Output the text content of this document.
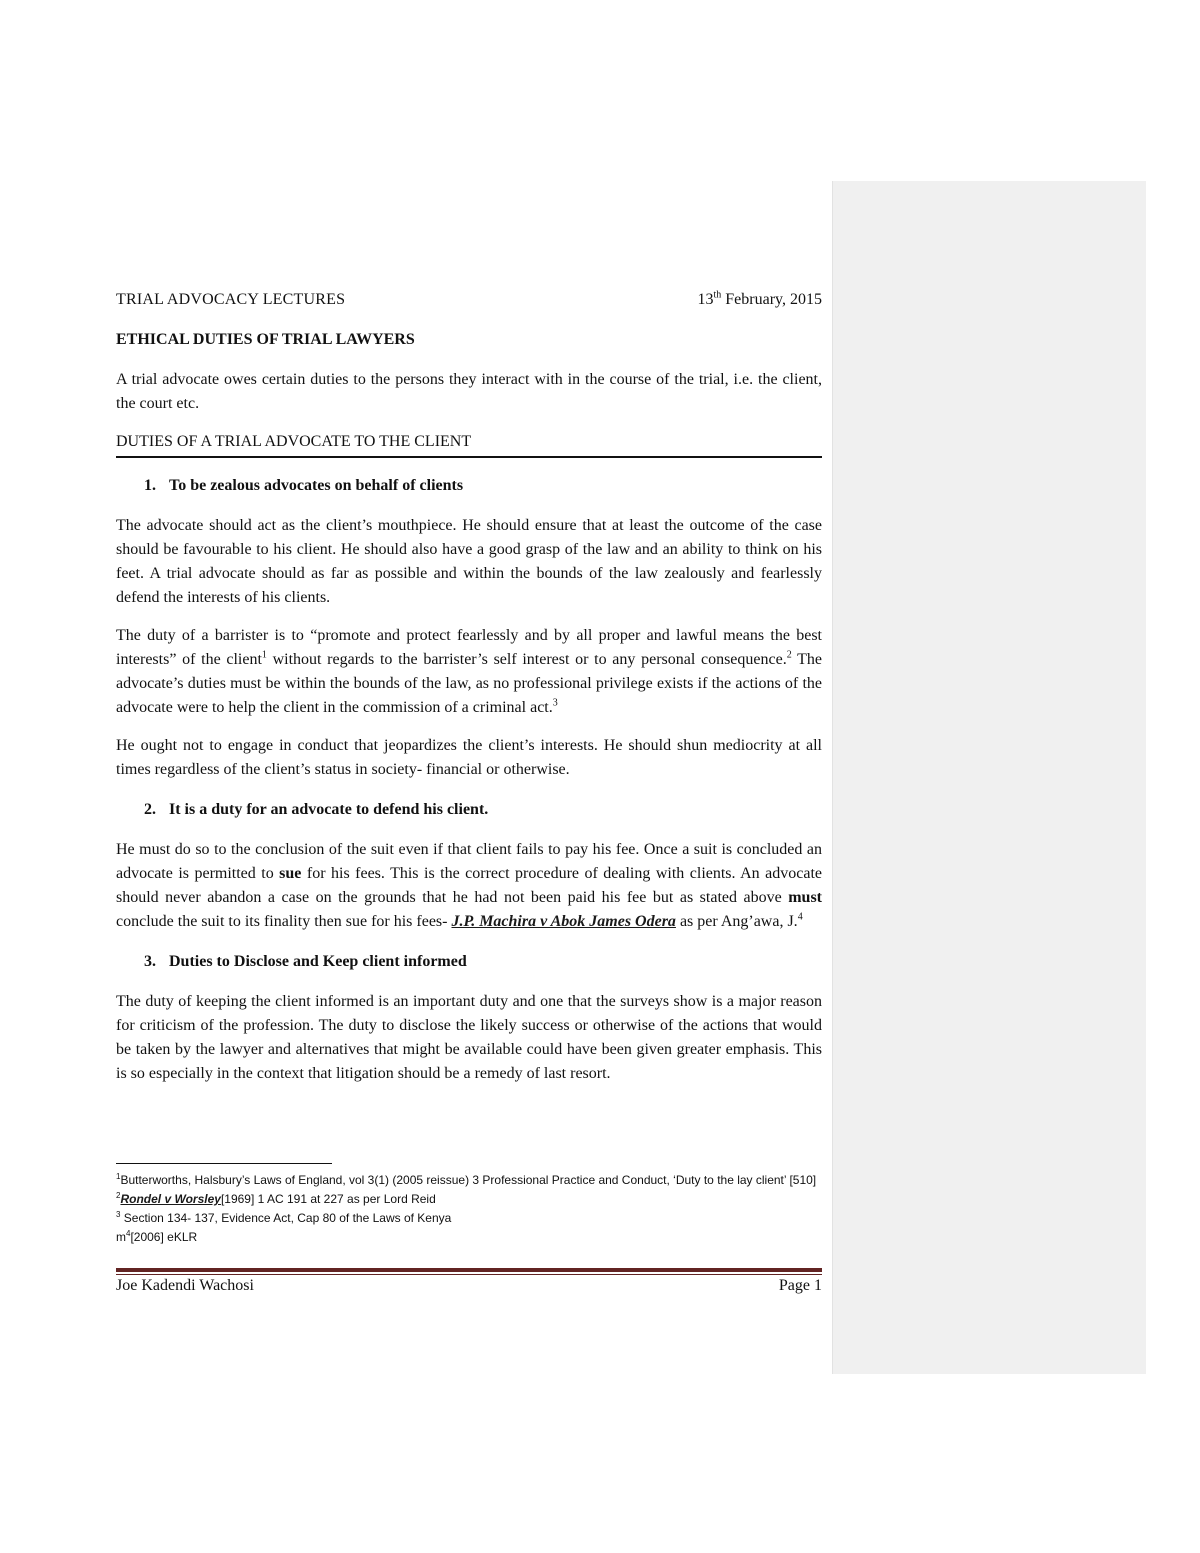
TRIAL ADVOCACY LECTURES	13th February, 2015
ETHICAL DUTIES OF TRIAL LAWYERS

A trial advocate owes certain duties to the persons they interact with in the course of the trial, i.e. the client, the court etc.

DUTIES OF A TRIAL ADVOCATE TO THE CLIENT
1. To be zealous advocates on behalf of clients

The advocate should act as the client’s mouthpiece. He should ensure that at least the outcome of the case should be favourable to his client. He should also have a good grasp of the law and an ability to think on his feet. A trial advocate should as far as possible and within the bounds of the law zealously and fearlessly defend the interests of his clients.

The duty of a barrister is to “promote and protect fearlessly and by all proper and lawful means the best interests” of the client$^1$ without regards to the barrister’s self interest or to any personal consequence.$^2$ The advocate’s duties must be within the bounds of the law, as no professional privilege exists if the actions of the advocate were to help the client in the commission of a criminal act.$^3$

He ought not to engage in conduct that jeopardizes the client’s interests. He should shun mediocrity at all times regardless of the client’s status in society- financial or otherwise.

2. It is a duty for an advocate to defend his client.

He must do so to the conclusion of the suit even if that client fails to pay his fee. Once a suit is concluded an advocate is permitted to sue for his fees. This is the correct procedure of dealing with clients. An advocate should never abandon a case on the grounds that he had not been paid his fee but as stated above must conclude the suit to its finality then sue for his fees- J.P. Machira v Abok James Odera as per Ang’awa, J.$^4$

3. Duties to Disclose and Keep client informed

The duty of keeping the client informed is an important duty and one that the surveys show is a major reason for criticism of the profession. The duty to disclose the likely success or otherwise of the actions that would be taken by the lawyer and alternatives that might be available could have been given greater emphasis. This is so especially in the context that litigation should be a remedy of last resort.

$^1$Butterworths, Halsbury’s Laws of England, vol 3(1) (2005 reissue) 3 Professional Practice and Conduct, ‘Duty to the lay client’ [510]
$^2$Rondel v Worsley[1969] 1 AC 191 at 227 as per Lord Reid
$^3$ Section 134- 137, Evidence Act, Cap 80 of the Laws of Kenya
$m^4[2006]$ eKLR
Joe Kadendi Wachosi	Page 1
